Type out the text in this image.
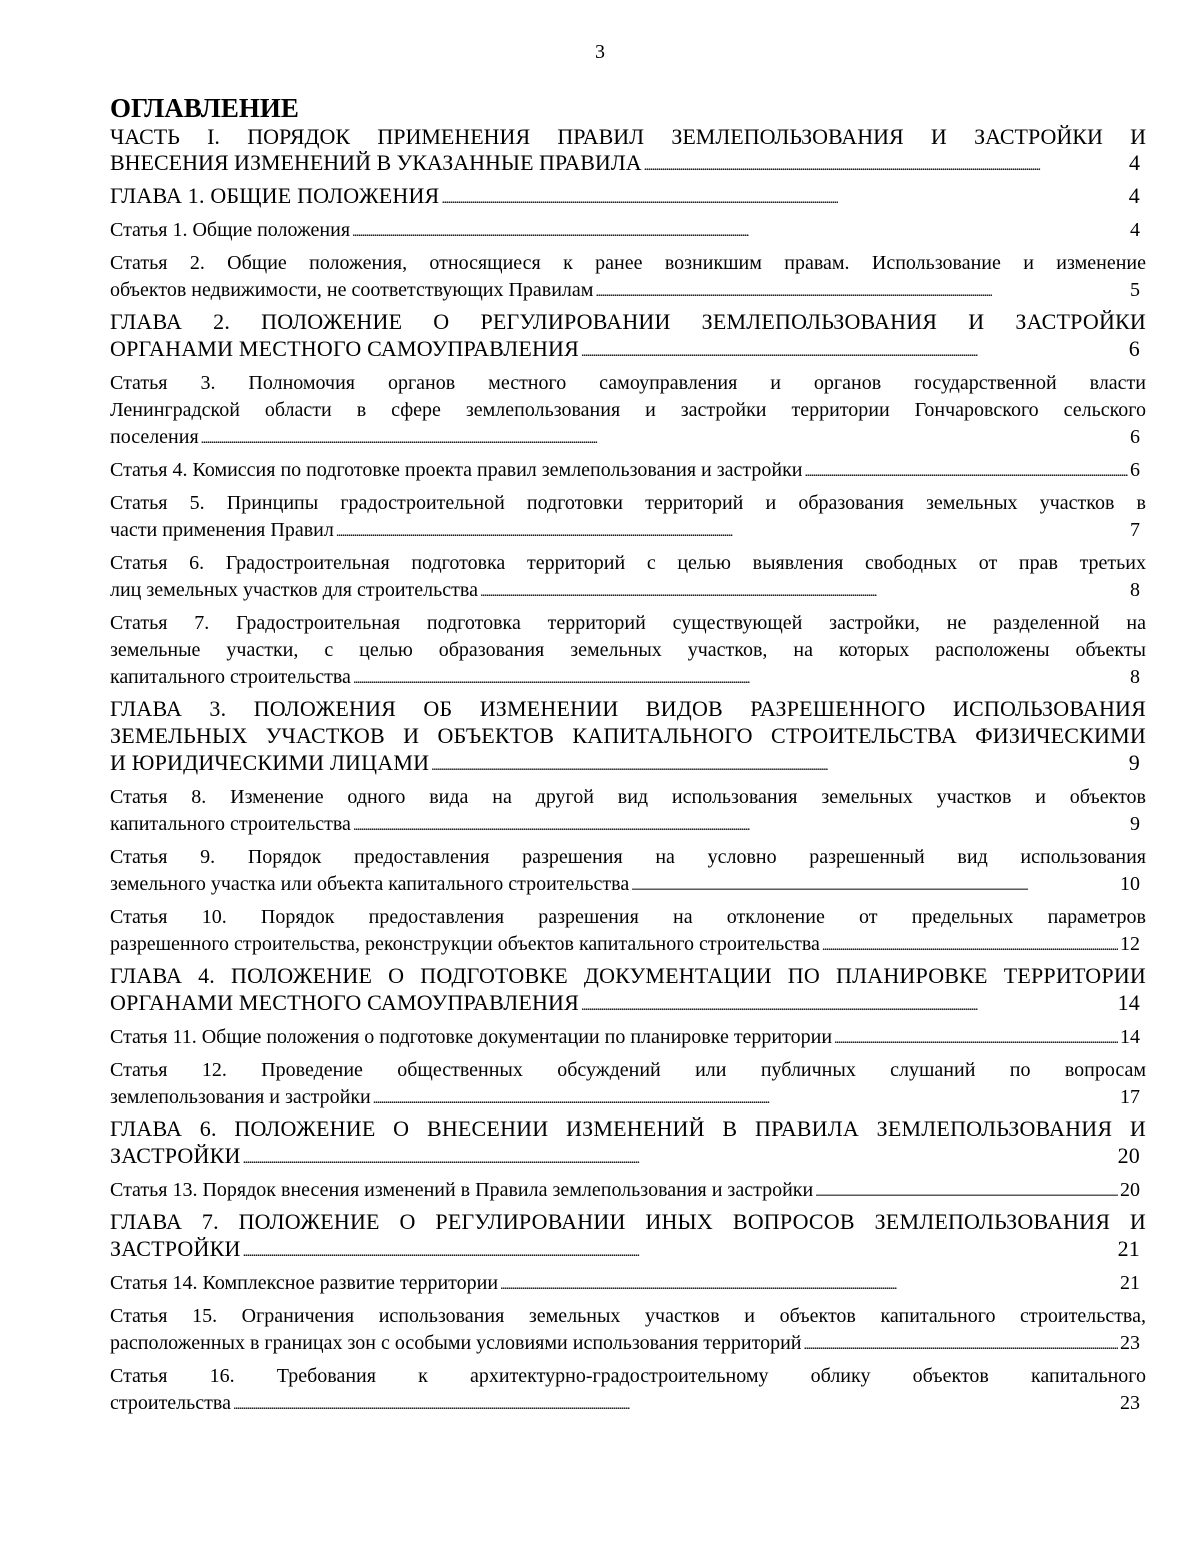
3
ОГЛАВЛЕНИЕ
ЧАСТЬ I. ПОРЯДОК ПРИМЕНЕНИЯ ПРАВИЛ ЗЕМЛЕПОЛЬЗОВАНИЯ И ЗАСТРОЙКИ И
ВНЕСЕНИЯ ИЗМЕНЕНИЙ В УКАЗАННЫЕ ПРАВИЛА . . .	4
ГЛАВА 1. ОБЩИЕ ПОЛОЖЕНИЯ . . .	4
Статья 1. Общие положения . . .	4
Статья 2. Общие положения, относящиеся к ранее возникшим правам. Использование и изменение
объектов недвижимости, не соответствующих Правилам . . .	5
ГЛАВА 2. ПОЛОЖЕНИЕ О РЕГУЛИРОВАНИИ ЗЕМЛЕПОЛЬЗОВАНИЯ И ЗАСТРОЙКИ
ОРГАНАМИ МЕСТНОГО САМОУПРАВЛЕНИЯ . . .	6
Статья 3. Полномочия органов местного самоуправления и органов государственной власти
Ленинградской области в сфере землепользования и застройки территории Гончаровского сельского
поселения . . .	6
Статья 4. Комиссия по подготовке проекта правил землепользования и застройки . . .	6
Статья 5. Принципы градостроительной подготовки территорий и образования земельных участков в
части применения Правил . . .	7
Статья 6. Градостроительная подготовка территорий с целью выявления свободных от прав третьих
лиц земельных участков для строительства . . .	8
Статья 7. Градостроительная подготовка территорий существующей застройки, не разделенной на
земельные участки, с целью образования земельных участков, на которых расположены объекты
капитального строительства . . .	8
ГЛАВА 3. ПОЛОЖЕНИЯ ОБ ИЗМЕНЕНИИ ВИДОВ РАЗРЕШЕННОГО ИСПОЛЬЗОВАНИЯ
ЗЕМЕЛЬНЫХ УЧАСТКОВ И ОБЪЕКТОВ КАПИТАЛЬНОГО СТРОИТЕЛЬСТВА ФИЗИЧЕСКИМИ
И ЮРИДИЧЕСКИМИ ЛИЦАМИ . . .	9
Статья 8. Изменение одного вида на другой вид использования земельных участков и объектов
капитального строительства . . .	9
Статья 9. Порядок предоставления разрешения на условно разрешенный вид использования
земельного участка или объекта капитального строительства . . .	10
Статья 10. Порядок предоставления разрешения на отклонение от предельных параметров
разрешенного строительства, реконструкции объектов капитального строительства . . .	12
ГЛАВА 4. ПОЛОЖЕНИЕ О ПОДГОТОВКЕ ДОКУМЕНТАЦИИ ПО ПЛАНИРОВКЕ ТЕРРИТОРИИ
ОРГАНАМИ МЕСТНОГО САМОУПРАВЛЕНИЯ . . .	14
Статья 11. Общие положения о подготовке документации по планировке территории . . .	14
Статья 12. Проведение общественных обсуждений или публичных слушаний по вопросам
землепользования и застройки . . .	17
ГЛАВА 6. ПОЛОЖЕНИЕ О ВНЕСЕНИИ ИЗМЕНЕНИЙ В ПРАВИЛА ЗЕМЛЕПОЛЬЗОВАНИЯ И
ЗАСТРОЙКИ . . .	20
Статья 13. Порядок внесения изменений в Правила землепользования и застройки . . .	20
ГЛАВА 7. ПОЛОЖЕНИЕ О РЕГУЛИРОВАНИИ ИНЫХ ВОПРОСОВ ЗЕМЛЕПОЛЬЗОВАНИЯ И
ЗАСТРОЙКИ . . .	21
Статья 14. Комплексное развитие территории . . .	21
Статья 15. Ограничения использования земельных участков и объектов капитального строительства,
расположенных в границах зон с особыми условиями использования территорий . . .	23
Статья 16. Требования к архитектурно-градостроительному облику объектов капитального
строительства . . .	23
